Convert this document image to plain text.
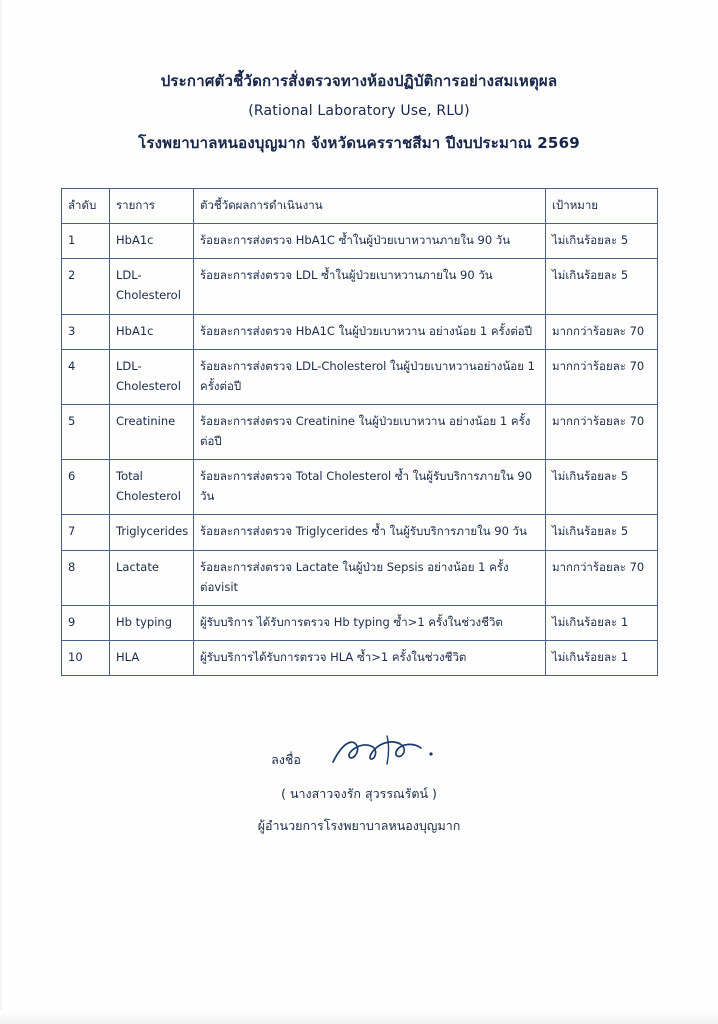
ประกาศตัวชี้วัดการสั่งตรวจทางห้องปฏิบัติการอย่างสมเหตุผล
(Rational Laboratory Use, RLU)
โรงพยาบาลหนองบุญมาก จังหวัดนครราชสีมา ปีงบประมาณ 2569
ลำดับ	รายการ	ตัวชี้วัดผลการดำเนินงาน	เป้าหมาย
1	HbA1c	ร้อยละการส่งตรวจ HbA1C ซ้ำในผู้ป่วยเบาหวานภายใน 90 วัน	ไม่เกินร้อยละ 5
2	LDL-Cholesterol	ร้อยละการส่งตรวจ LDL ซ้ำในผู้ป่วยเบาหวานภายใน 90 วัน	ไม่เกินร้อยละ 5
3	HbA1c	ร้อยละการส่งตรวจ HbA1C ในผู้ป่วยเบาหวาน อย่างน้อย 1 ครั้งต่อปี	มากกว่าร้อยละ 70
4	LDL-Cholesterol	ร้อยละการส่งตรวจ LDL-Cholesterol ในผู้ป่วยเบาหวานอย่างน้อย 1 ครั้งต่อปี	มากกว่าร้อยละ 70
5	Creatinine	ร้อยละการส่งตรวจ Creatinine ในผู้ป่วยเบาหวาน อย่างน้อย 1 ครั้งต่อปี	มากกว่าร้อยละ 70
6	Total Cholesterol	ร้อยละการส่งตรวจ Total Cholesterol ซ้ำ ในผู้รับบริการภายใน 90 วัน	ไม่เกินร้อยละ 5
7	Triglycerides	ร้อยละการส่งตรวจ Triglycerides ซ้ำ ในผู้รับบริการภายใน 90 วัน	ไม่เกินร้อยละ 5
8	Lactate	ร้อยละการส่งตรวจ Lactate ในผู้ป่วย Sepsis อย่างน้อย 1 ครั้งต่อvisit	มากกว่าร้อยละ 70
9	Hb typing	ผู้รับบริการ ได้รับการตรวจ Hb typing ซ้ำ>1 ครั้งในช่วงชีวิต	ไม่เกินร้อยละ 1
10	HLA	ผู้รับบริการได้รับการตรวจ HLA ซ้ำ>1 ครั้งในช่วงชีวิต	ไม่เกินร้อยละ 1
ลงชื่อ
( นางสาวจงรัก สุวรรณรัตน์ )
ผู้อำนวยการโรงพยาบาลหนองบุญมาก
